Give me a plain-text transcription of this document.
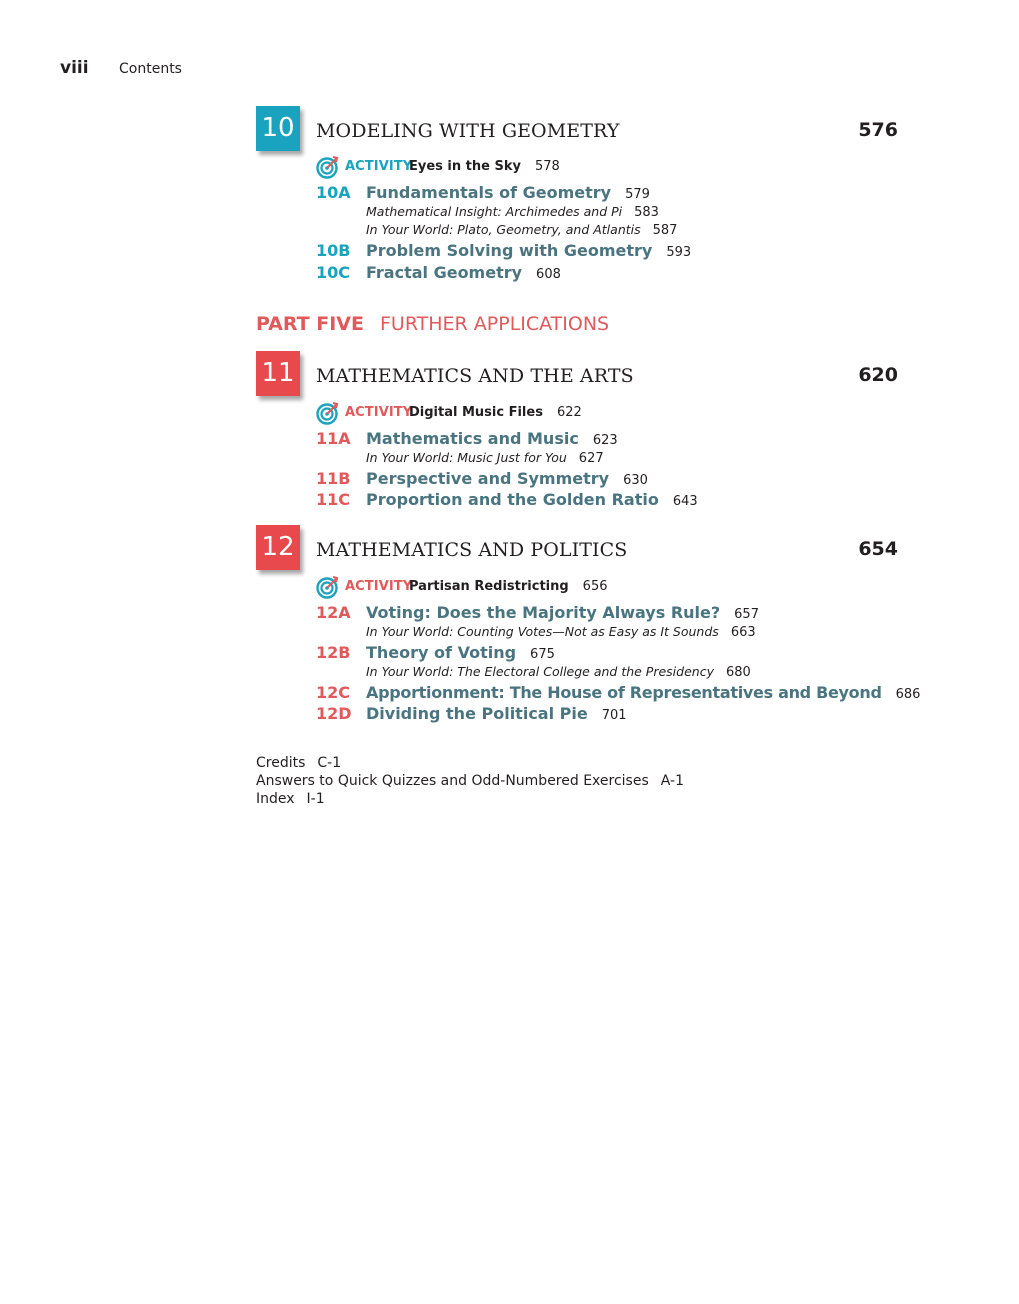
viii Contents
10 MODELING WITH GEOMETRY	576
ACTIVITY
Eyes in the Sky 578
10A Fundamentals of Geometry 579
Mathematical Insight: Archimedes and Pi 583
In Your World: Plato, Geometry, and Atlantis 587
10B Problem Solving with Geometry 593
10C Fractal Geometry 608
PART FIVE FURTHER APPLICATIONS
11 MATHEMATICS AND THE ARTS	620
ACTIVITY
Digital Music Files 622
11A Mathematics and Music 623
In Your World: Music Just for You 627
11B Perspective and Symmetry 630
11C Proportion and the Golden Ratio 643
12 MATHEMATICS AND POLITICS	654
ACTIVITY
Partisan Redistricting 656
12A Voting: Does the Majority Always Rule? 657
In Your World: Counting Votes—Not as Easy as It Sounds 663
12B Theory of Voting 675
In Your World: The Electoral College and the Presidency 680
12C Apportionment: The House of Representatives and Beyond 686
12D Dividing the Political Pie 701
Credits C-1
Answers to Quick Quizzes and Odd-Numbered Exercises A-1
Index I-1
